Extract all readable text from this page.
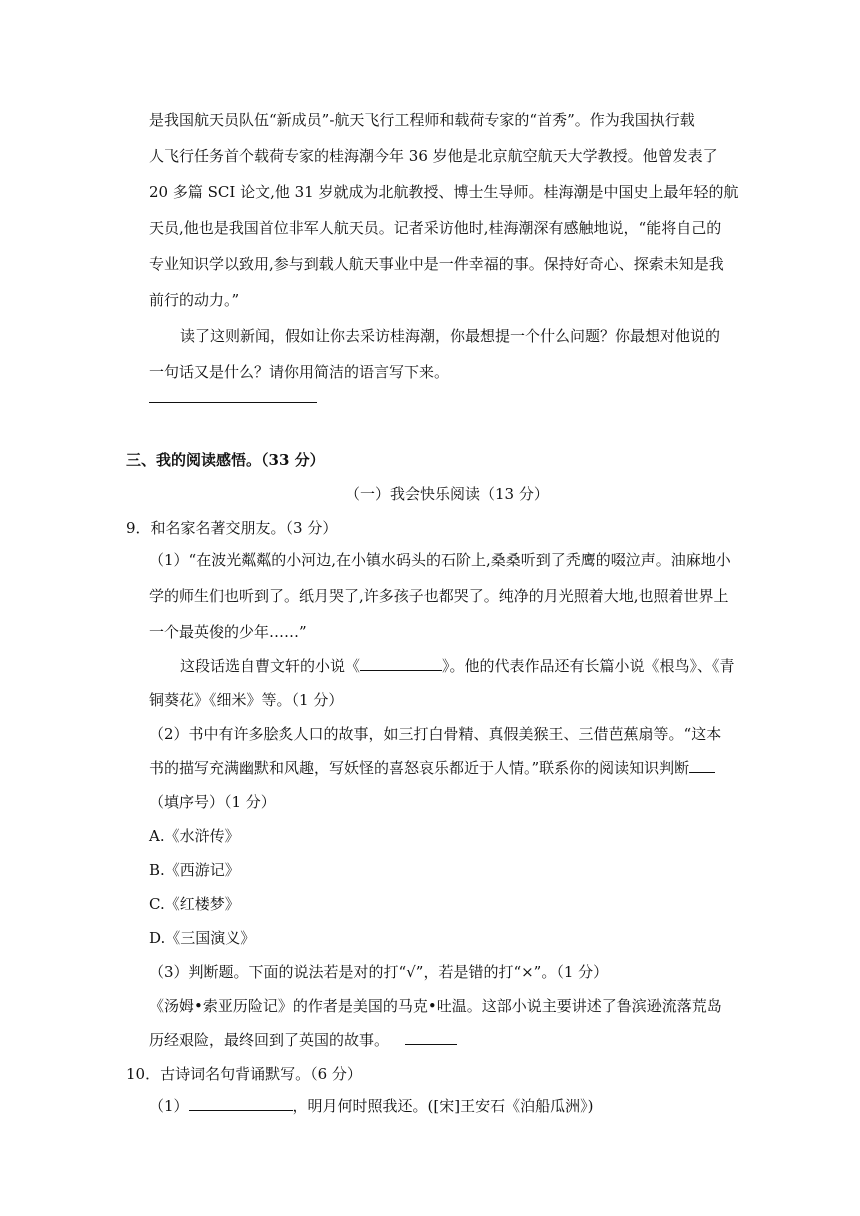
是我国航天员队伍“新成员”-航天飞行工程师和载荷专家的“首秀”。作为我国执行载
人飞行任务首个载荷专家的桂海潮今年 36 岁他是北京航空航天大学教授。他曾发表了
20 多篇 SCI 论文,他 31 岁就成为北航教授、博士生导师。桂海潮是中国史上最年轻的航
天员,他也是我国首位非军人航天员。记者采访他时,桂海潮深有感触地说，“能将自己的
专业知识学以致用,参与到载人航天事业中是一件幸福的事。保持好奇心、探索未知是我
前行的动力。”
读了这则新闻，假如让你去采访桂海潮，你最想提一个什么问题？你最想对他说的
一句话又是什么？请你用简洁的语言写下来。
三、我的阅读感悟。（33 分）
（一）我会快乐阅读（13 分）
9．和名家名著交朋友。（3 分）
（1）“在波光粼粼的小河边,在小镇水码头的石阶上,桑桑听到了秃鹰的啜泣声。油麻地小
学的师生们也听到了。纸月哭了,许多孩子也都哭了。纯净的月光照着大地,也照着世界上
一个最英俊的少年……”
这段话选自曹文轩的小说《	》。他的代表作品还有长篇小说《根鸟》、《青
铜葵花》《细米》等。（1 分）
（2）书中有许多脍炙人口的故事，如三打白骨精、真假美猴王、三借芭蕉扇等。“这本
书的描写充满幽默和风趣，写妖怪的喜怒哀乐都近于人情。”联系你的阅读知识判断
（填序号）（1 分）
A.《水浒传》
B.《西游记》
C.《红楼梦》
D.《三国演义》
（3）判断题。下面的说法若是对的打“√”，若是错的打“×”。（1 分）
《汤姆•索亚历险记》的作者是美国的马克•吐温。这部小说主要讲述了鲁滨逊流落荒岛
历经艰险，最终回到了英国的故事。
10．古诗词名句背诵默写。（6 分）
（1）	，明月何时照我还。([宋]王安石《泊船瓜洲》)
